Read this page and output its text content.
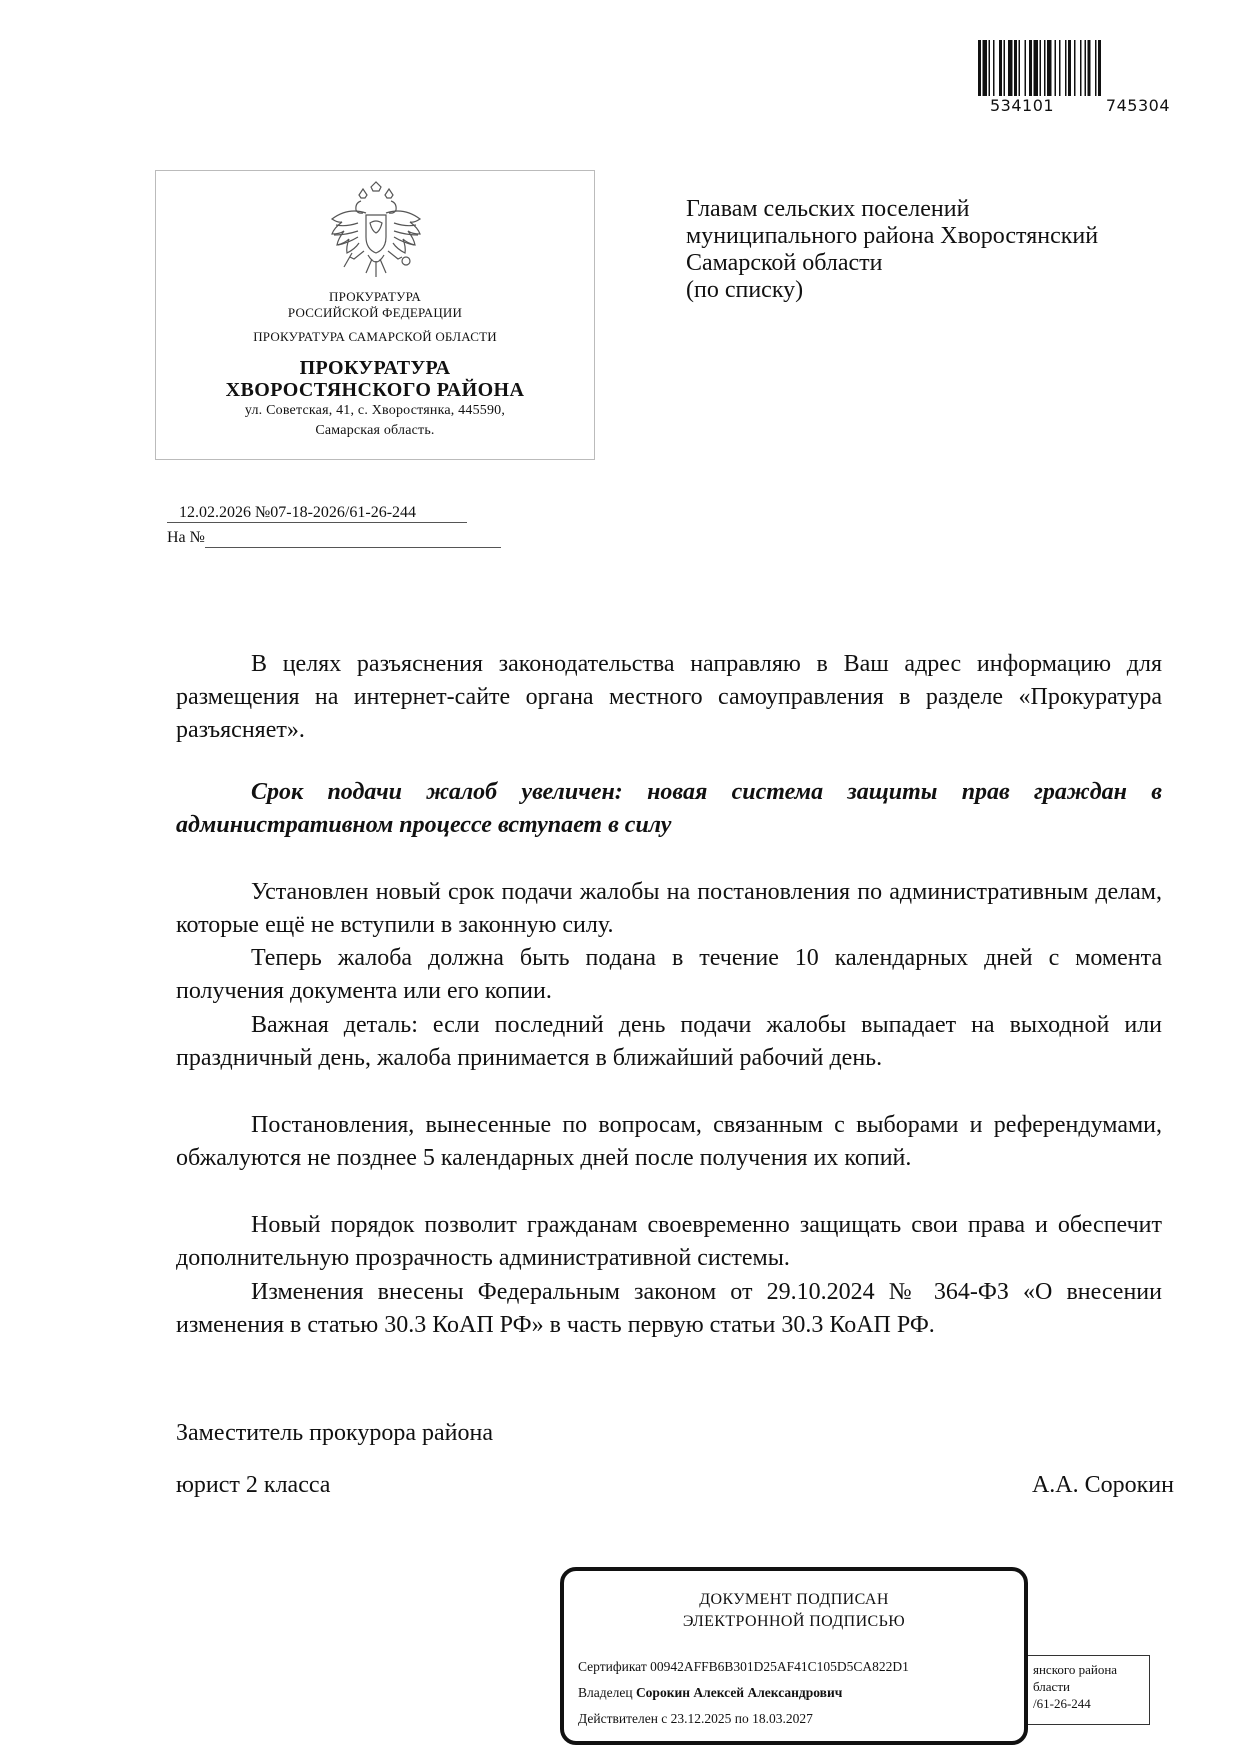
534101	745304
ПРОКУРАТУРА
РОССИЙСКОЙ ФЕДЕРАЦИИ
ПРОКУРАТУРА САМАРСКОЙ ОБЛАСТИ
ПРОКУРАТУРА
ХВОРОСТЯНСКОГО РАЙОНА
ул. Советская, 41, с. Хворостянка, 445590,
Самарская область.
Главам сельских поселений
муниципального района Хворостянский
Самарской области
(по списку)
12.02.2026 №07-18-2026/61-26-244
На №
В целях разъяснения законодательства направляю в Ваш адрес информацию для размещения на интернет-сайте органа местного самоуправления в разделе «Прокуратура разъясняет».
Срок подачи жалоб увеличен: новая система защиты прав граждан в административном процессе вступает в силу
Установлен новый срок подачи жалобы на постановления по административным делам, которые ещё не вступили в законную силу.
Теперь жалоба должна быть подана в течение 10 календарных дней с момента получения документа или его копии.
Важная деталь: если последний день подачи жалобы выпадает на выходной или праздничный день, жалоба принимается в ближайший рабочий день.
Постановления, вынесенные по вопросам, связанным с выборами и референдумами, обжалуются не позднее 5 календарных дней после получения их копий.
Новый порядок позволит гражданам своевременно защищать свои права и обеспечит дополнительную прозрачность административной системы.
Изменения внесены Федеральным законом от 29.10.2024 № 364-ФЗ «О внесении изменения в статью 30.3 КоАП РФ» в часть первую статьи 30.3 КоАП РФ.
Заместитель прокурора района
юрист 2 класса	А.А. Сорокин
янского района
бласти
/61-26-244
ДОКУМЕНТ ПОДПИСАН
ЭЛЕКТРОННОЙ ПОДПИСЬЮ
Сертификат 00942AFFB6B301D25AF41C105D5CA822D1
Владелец Сорокин Алексей Александрович
Действителен с 23.12.2025 по 18.03.2027
